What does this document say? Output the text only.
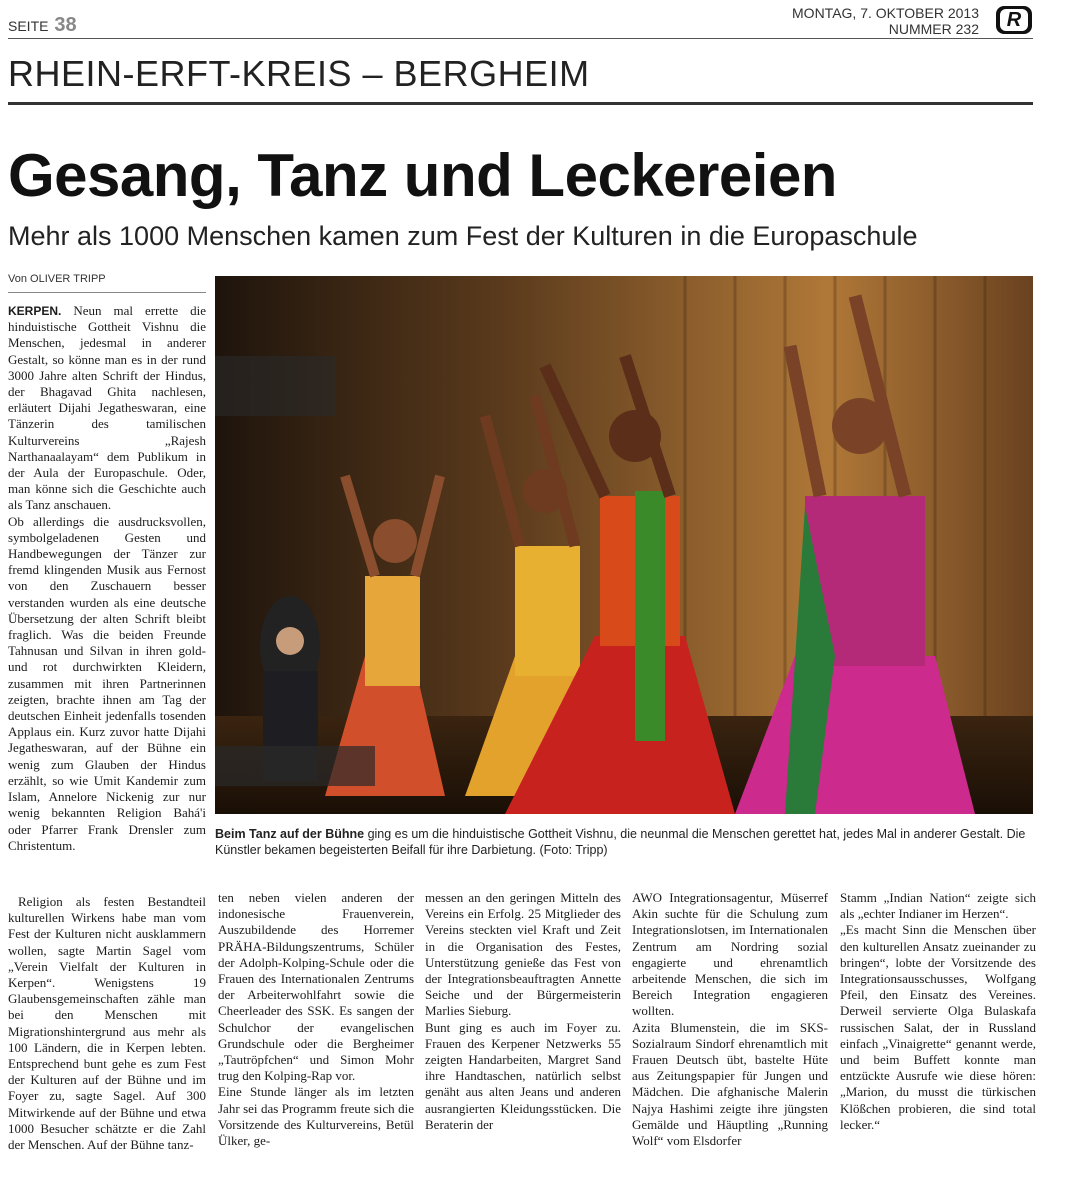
SEITE 38
MONTAG, 7. OKTOBER 2013
NUMMER 232	R
RHEIN-ERFT-KREIS – BERGHEIM
Gesang, Tanz und Leckereien
Mehr als 1000 Menschen kamen zum Fest der Kulturen in die Europaschule
Von OLIVER TRIPP

KERPEN. Neun mal errette die hinduistische Gottheit Vishnu die Menschen, jedesmal in anderer Gestalt, so könne man es in der rund 3000 Jahre alten Schrift der Hindus, der Bhagavad Ghita nachlesen, erläutert Dijahi Jegatheswaran, eine Tänzerin des tamilischen Kulturvereins „Rajesh Narthanaalayam“ dem Publikum in der Aula der Europaschule. Oder, man könne sich die Geschichte auch als Tanz anschauen.

Ob allerdings die ausdrucksvollen, symbolgeladenen Gesten und Handbewegungen der Tänzer zur fremd klingenden Musik aus Fernost von den Zuschauern besser verstanden wurden als eine deutsche Übersetzung der alten Schrift bleibt fraglich. Was die beiden Freunde Tahnusan und Silvan in ihren gold- und rot durchwirkten Kleidern, zusammen mit ihren Partnerinnen zeigten, brachte ihnen am Tag der deutschen Einheit jedenfalls tosenden Applaus ein. Kurz zuvor hatte Dijahi Jegatheswaran, auf der Bühne ein wenig zum Glauben der Hindus erzählt, so wie Umit Kandemir zum Islam, Annelore Nickenig zur nur wenig bekannten Religion Bahá'i oder Pfarrer Frank Drensler zum Christentum.

Beim Tanz auf der Bühne ging es um die hinduistische Gottheit Vishnu, die neunmal die Menschen gerettet hat, jedes Mal in anderer Gestalt. Die Künstler bekamen begeisterten Beifall für ihre Darbietung. (Foto: Tripp)

Religion als festen Bestandteil kulturellen Wirkens habe man vom Fest der Kulturen nicht ausklammern wollen, sagte Martin Sagel vom „Verein Vielfalt der Kulturen in Kerpen“. Wenigstens 19 Glaubensgemeinschaften zähle man bei den Menschen mit Migrationshintergrund aus mehr als 100 Ländern, die in Kerpen lebten. Entsprechend bunt gehe es zum Fest der Kulturen auf der Bühne und im Foyer zu, sagte Sagel. Auf 300 Mitwirkende auf der Bühne und etwa 1000 Besucher schätzte er die Zahl der Menschen. Auf der Bühne tanz-

ten neben vielen anderen der indonesische Frauenverein, Auszubildende des Horremer PRÄHA-Bildungszentrums, Schüler der Adolph-Kolping-Schule oder die Frauen des Internationalen Zentrums der Arbeiterwohlfahrt sowie die Cheerleader des SSK. Es sangen der Schulchor der evangelischen Grundschule oder die Bergheimer „Tautröpfchen“ und Simon Mohr trug den Kolping-Rap vor.

Eine Stunde länger als im letzten Jahr sei das Programm freute sich die Vorsitzende des Kulturvereins, Betül Ülker, ge-

messen an den geringen Mitteln des Vereins ein Erfolg. 25 Mitglieder des Vereins steckten viel Kraft und Zeit in die Organisation des Festes, Unterstützung genieße das Fest von der Integrationsbeauftragten Annette Seiche und der Bürgermeisterin Marlies Sieburg.

Bunt ging es auch im Foyer zu. Frauen des Kerpener Netzwerks 55 zeigten Handarbeiten, Margret Sand ihre Handtaschen, natürlich selbst genäht aus alten Jeans und anderen ausrangierten Kleidungsstücken. Die Beraterin der

AWO Integrationsagentur, Müserref Akin suchte für die Schulung zum Integrationslotsen, im Internationalen Zentrum am Nordring sozial engagierte und ehrenamtlich arbeitende Menschen, die sich im Bereich Integration engagieren wollten.

Azita Blumenstein, die im SKS-Sozialraum Sindorf ehrenamtlich mit Frauen Deutsch übt, bastelte Hüte aus Zeitungspapier für Jungen und Mädchen. Die afghanische Malerin Najya Hashimi zeigte ihre jüngsten Gemälde und Häuptling „Running Wolf“ vom Elsdorfer

Stamm „Indian Nation“ zeigte sich als „echter Indianer im Herzen“.

„Es macht Sinn die Menschen über den kulturellen Ansatz zueinander zu bringen“, lobte der Vorsitzende des Integrationsausschusses, Wolfgang Pfeil, den Einsatz des Vereines. Derweil servierte Olga Bulaskafa russischen Salat, der in Russland einfach „Vinaigrette“ genannt werde, und beim Buffett konnte man entzückte Ausrufe wie diese hören: „Marion, du musst die türkischen Klößchen probieren, die sind total lecker.“
